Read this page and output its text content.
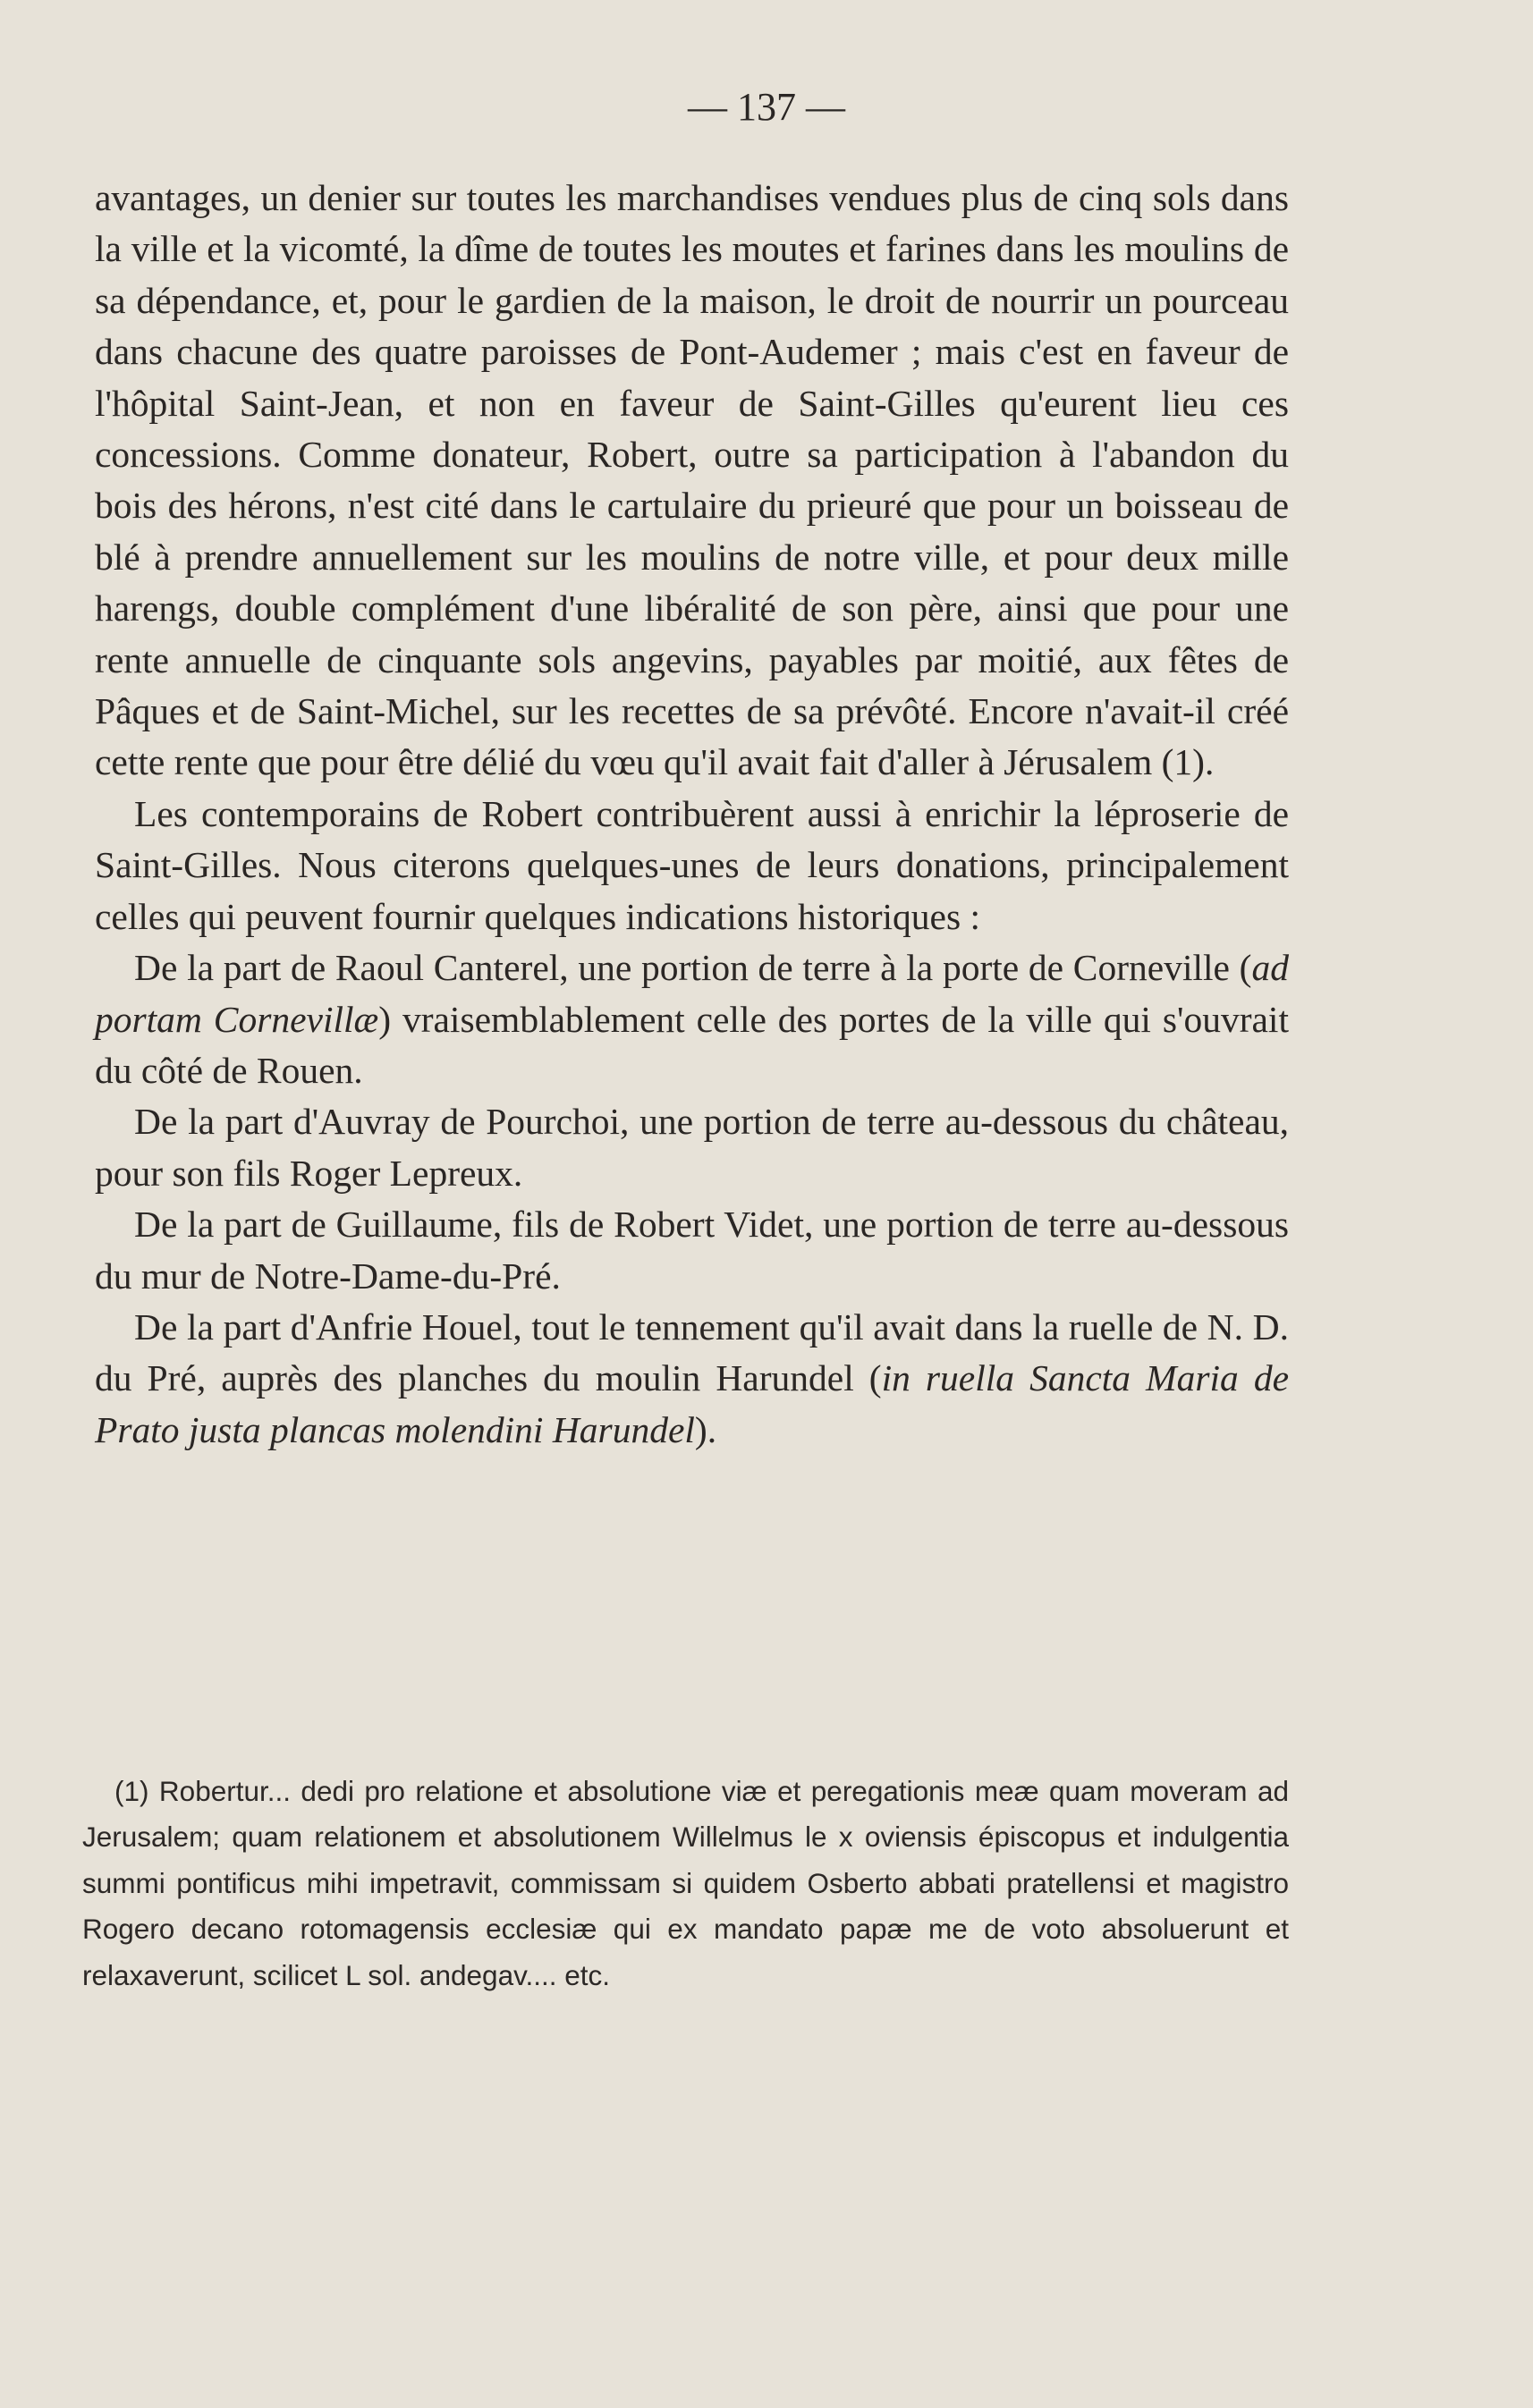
— 137 —

avantages, un denier sur toutes les marchandises vendues plus de cinq sols dans la ville et la vicomté, la dîme de toutes les moutes et farines dans les moulins de sa dépendance, et, pour le gardien de la maison, le droit de nourrir un pourceau dans chacune des quatre paroisses de Pont-Audemer ; mais c'est en faveur de l'hôpital Saint-Jean, et non en faveur de Saint-Gilles qu'eurent lieu ces concessions. Comme donateur, Robert, outre sa participation à l'abandon du bois des hérons, n'est cité dans le cartulaire du prieuré que pour un boisseau de blé à prendre annuellement sur les moulins de notre ville, et pour deux mille harengs, double complément d'une libéralité de son père, ainsi que pour une rente annuelle de cinquante sols angevins, payables par moitié, aux fêtes de Pâques et de Saint-Michel, sur les recettes de sa prévôté. Encore n'avait-il créé cette rente que pour être délié du vœu qu'il avait fait d'aller à Jérusalem (1).

Les contemporains de Robert contribuèrent aussi à enrichir la léproserie de Saint-Gilles. Nous citerons quelques-unes de leurs donations, principalement celles qui peuvent fournir quelques indications historiques :

De la part de Raoul Canterel, une portion de terre à la porte de Corneville (ad portam Cornevillæ) vraisemblablement celle des portes de la ville qui s'ouvrait du côté de Rouen.

De la part d'Auvray de Pourchoi, une portion de terre au-dessous du château, pour son fils Roger Lepreux.

De la part de Guillaume, fils de Robert Videt, une portion de terre au-dessous du mur de Notre-Dame-du-Pré.

De la part d'Anfrie Houel, tout le tennement qu'il avait dans la ruelle de N. D. du Pré, auprès des planches du moulin Harundel (in ruella Sancta Maria de Prato justa plancas molendini Harundel).

(1) Robertur... dedi pro relatione et absolutione viæ et peregationis meæ quam moveram ad Jerusalem; quam relationem et absolutionem Willelmus le x oviensis épiscopus et indulgentia summi pontificus mihi impetravit, commissam si quidem Osberto abbati pratellensi et magistro Rogero decano rotomagensis ecclesiæ qui ex mandato papæ me de voto absoluerunt et relaxaverunt, scilicet L sol. andegav.... etc.
